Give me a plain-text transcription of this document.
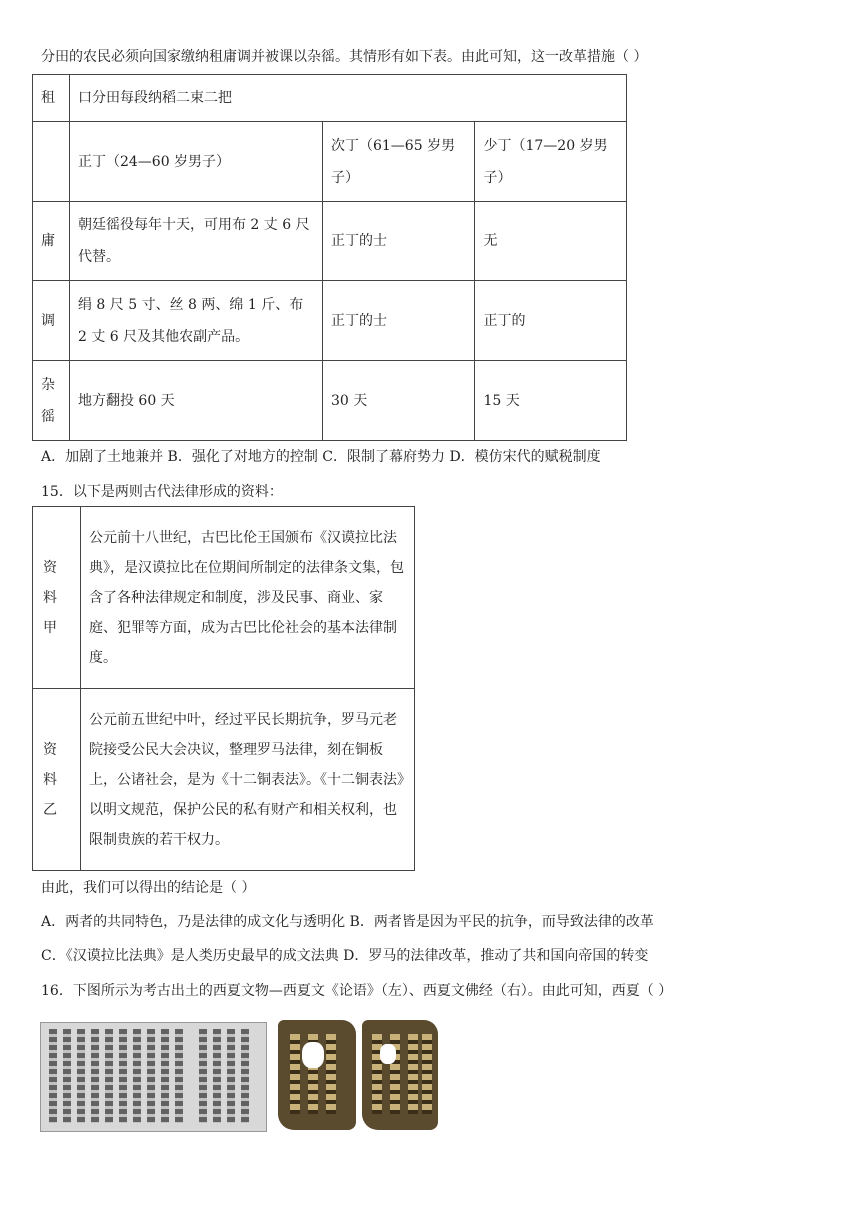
分田的农民必须向国家缴纳租庸调并被课以杂徭。其情形有如下表。由此可知，这一改革措施（ ）
租	口分田每段纳稻二束二把		
	正丁（24—60 岁男子）	次丁（61—65 岁男子）	少丁（17—20 岁男子）
庸	朝廷徭役每年十天，可用布 2 丈 6 尺代替。	正丁的士	无
调	绢 8 尺 5 寸、丝 8 两、绵 1 斤、布 2 丈 6 尺及其他农副产品。	正丁的士	正丁的
杂徭	地方翻投 60 天	30 天	15 天
A．加剧了土地兼并 B．强化了对地方的控制 C．限制了幕府势力 D．模仿宋代的赋税制度
15．以下是两则古代法律形成的资料：
资料甲	公元前十八世纪，古巴比伦王国颁布《汉谟拉比法典》，是汉谟拉比在位期间所制定的法律条文集，包含了各种法律规定和制度，涉及民事、商业、家庭、犯罪等方面，成为古巴比伦社会的基本法律制度。
资料乙	公元前五世纪中叶，经过平民长期抗争，罗马元老院接受公民大会决议，整理罗马法律，刻在铜板上，公诸社会，是为《十二铜表法》。《十二铜表法》以明文规范，保护公民的私有财产和相关权利，也限制贵族的若干权力。
由此，我们可以得出的结论是（ ）
A．两者的共同特色，乃是法律的成文化与透明化 B．两者皆是因为平民的抗争，而导致法律的改革
C．《汉谟拉比法典》是人类历史最早的成文法典 D．罗马的法律改革，推动了共和国向帝国的转变
16．下图所示为考古出土的西夏文物—西夏文《论语》（左）、西夏文佛经（右）。由此可知，西夏（ ）
